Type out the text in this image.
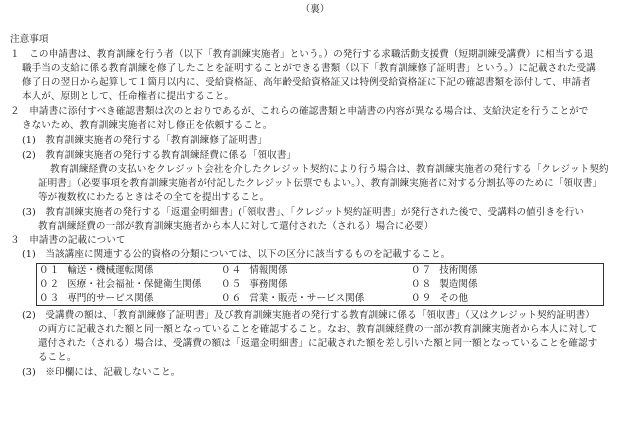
（裏）
注意事項
１　この申請書は、教育訓練を行う者（以下「教育訓練実施者」という。）の発行する求職活動支援費（短期訓練受講費）に相当する退
職手当の支給に係る教育訓練を修了したことを証明することができる書類（以下「教育訓練修了証明書」という。）に記載された受講
修了日の翌日から起算して１箇月以内に、受給資格証、高年齢受給資格証又は特例受給資格証に下記の確認書類を添付して、申請者
本人が、原則として、任命権者に提出すること。
２　申請書に添付すべき確認書類は次のとおりであるが、これらの確認書類と申請書の内容が異なる場合は、支給決定を行うことがで
きないため、教育訓練実施者に対し修正を依頼すること。
(1)　教育訓練実施者の発行する「教育訓練修了証明書」
(2)　教育訓練実施者の発行する教育訓練経費に係る「領収書」
教育訓練経費の支払いをクレジット会社を介したクレジット契約により行う場合は、教育訓練実施者の発行する「クレジット契約
証明書」（必要事項を教育訓練実施者が付記したクレジット伝票でもよい。）、教育訓練実施者に対する分割払等のために「領収書」
等が複数枚にわたるときはその全てを提出すること。
(3)　教育訓練実施者の発行する「返還金明細書」(「領収書」、「クレジット契約証明書」が発行された後で、受講料の値引きを行い
教育訓練経費の一部が教育訓練実施者から本人に対して還付された（される）場合に必要）
３　申請書の記載について
(1)　当該講座に関連する公的資格の分類については、以下の区分に該当するものを記載すること。
０１ 輸送・機械運転関係	０４ 情報関係	０７ 技術関係
０２ 医療・社会福祉・保健衛生関係 ０５ 事務関係	０８ 製造関係
０３ 専門的サービス関係	０６ 営業・販売・サービス関係	０９ その他
(2)　受講費の額は、「教育訓練修了証明書」及び教育訓練実施者の発行する教育訓練に係る「領収書」（又はクレジット契約証明書）
の両方に記載された額と同一額となっていることを確認すること。なお、教育訓練経費の一部が教育訓練実施者から本人に対して
還付された（される）場合は、受講費の額は「返還金明細書」に記載された額を差し引いた額と同一額となっていることを確認す
ること。
(3)　※印欄には、記載しないこと。
